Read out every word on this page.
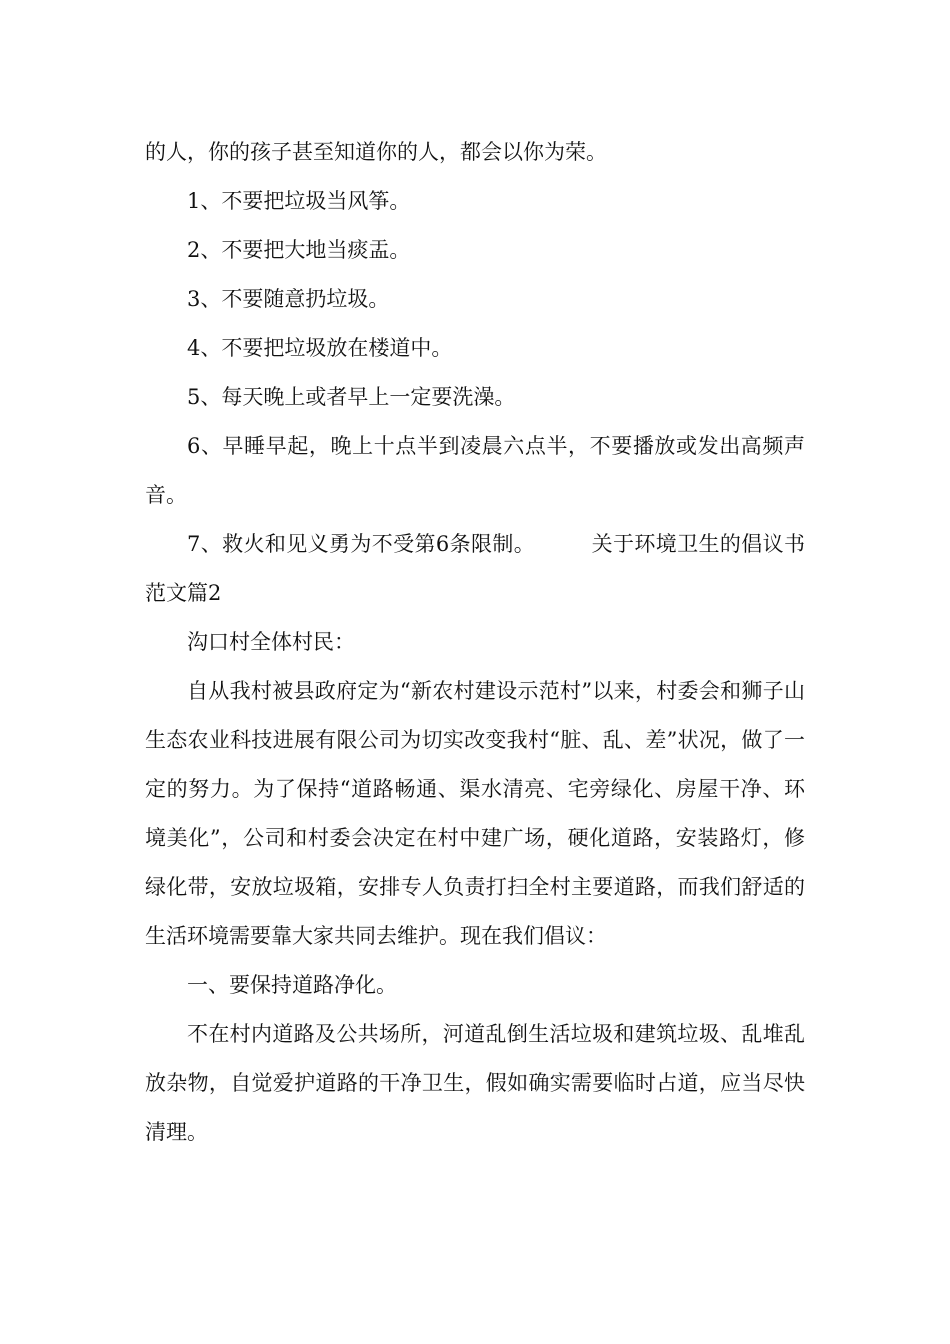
的人，你的孩子甚至知道你的人，都会以你为荣。

1、不要把垃圾当风筝。

2、不要把大地当痰盂。

3、不要随意扔垃圾。

4、不要把垃圾放在楼道中。

5、每天晚上或者早上一定要洗澡。

6、早睡早起，晚上十点半到凌晨六点半，不要播放或发出高频声音。

7、救火和见义勇为不受第6条限制。	关于环境卫生的倡议书范文篇2

沟口村全体村民：

自从我村被县政府定为“新农村建设示范村”以来，村委会和狮子山生态农业科技进展有限公司为切实改变我村“脏、乱、差”状况，做了一定的努力。为了保持“道路畅通、渠水清亮、宅旁绿化、房屋干净、环境美化”，公司和村委会决定在村中建广场，硬化道路，安装路灯，修绿化带，安放垃圾箱，安排专人负责打扫全村主要道路，而我们舒适的生活环境需要靠大家共同去维护。现在我们倡议：

一、要保持道路净化。

不在村内道路及公共场所，河道乱倒生活垃圾和建筑垃圾、乱堆乱放杂物，自觉爱护道路的干净卫生，假如确实需要临时占道，应当尽快清理。
